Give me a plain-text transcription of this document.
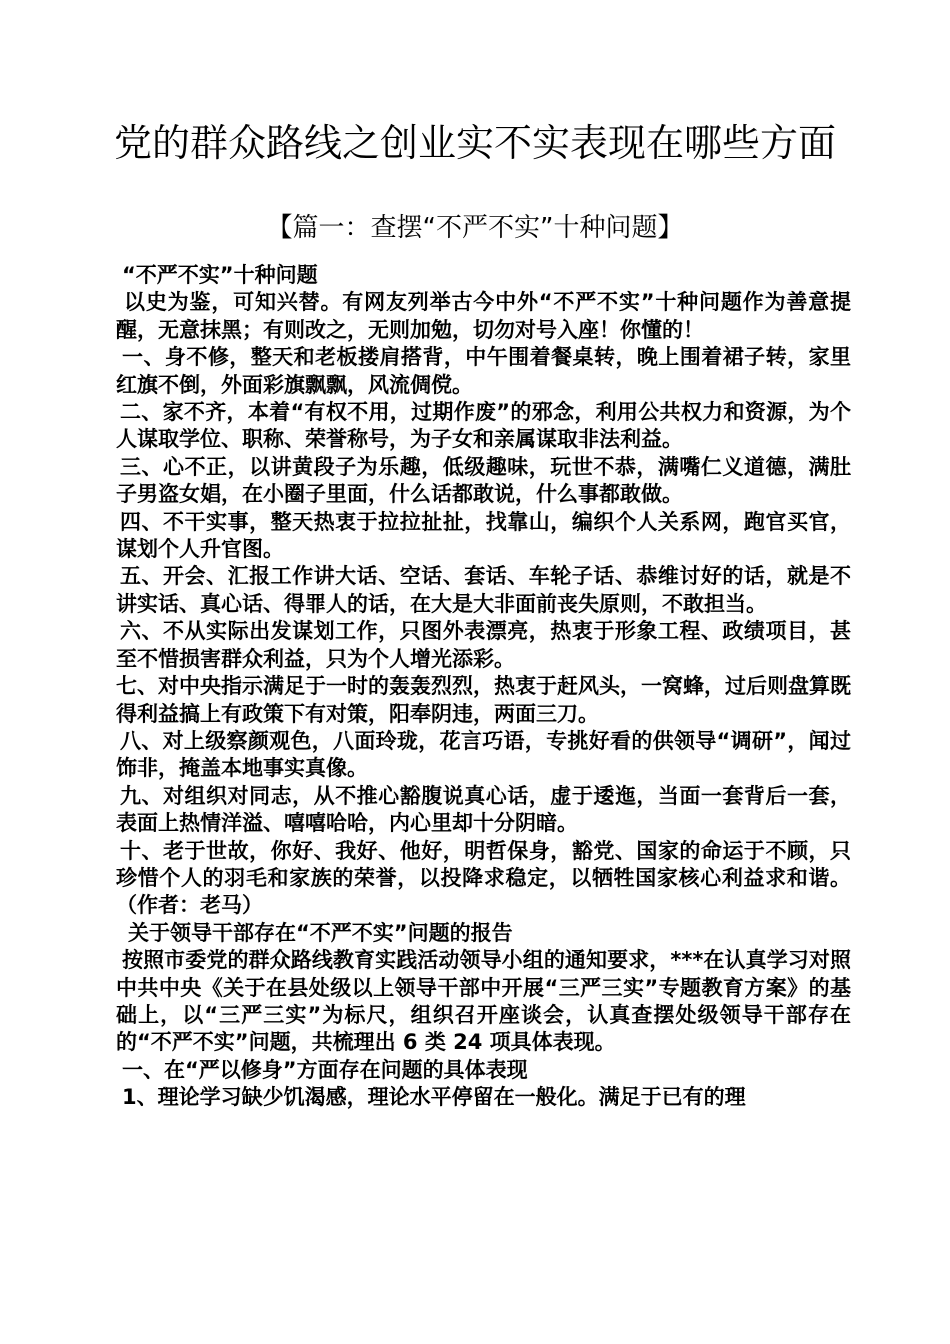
党的群众路线之创业实不实表现在哪些方面
【篇一：查摆“不严不实”十种问题】

“不严不实”十种问题

以史为鉴，可知兴替。有网友列举古今中外“不严不实”十种问题作为善意提醒，无意抹黑；有则改之，无则加勉，切勿对号入座！你懂的！

一、身不修，整天和老板搂肩搭背，中午围着餐桌转，晚上围着裙子转，家里红旗不倒，外面彩旗飘飘，风流倜傥。

二、家不齐，本着“有权不用，过期作废”的邪念，利用公共权力和资源，为个人谋取学位、职称、荣誉称号，为子女和亲属谋取非法利益。

三、心不正，以讲黄段子为乐趣，低级趣味，玩世不恭，满嘴仁义道德，满肚子男盗女娼，在小圈子里面，什么话都敢说，什么事都敢做。

四、不干实事，整天热衷于拉拉扯扯，找靠山，编织个人关系网，跑官买官，谋划个人升官图。

五、开会、汇报工作讲大话、空话、套话、车轮子话、恭维讨好的话，就是不讲实话、真心话、得罪人的话，在大是大非面前丧失原则，不敢担当。

六、不从实际出发谋划工作，只图外表漂亮，热衷于形象工程、政绩项目，甚至不惜损害群众利益，只为个人增光添彩。

七、对中央指示满足于一时的轰轰烈烈，热衷于赶风头，一窝蜂，过后则盘算既得利益搞上有政策下有对策，阳奉阴违，两面三刀。

八、对上级察颜观色，八面玲珑，花言巧语，专挑好看的供领导“调研”，闻过饰非，掩盖本地事实真像。

九、对组织对同志，从不推心豁腹说真心话，虚于逶迤，当面一套背后一套，表面上热情洋溢、嘻嘻哈哈，内心里却十分阴暗。

十、老于世故，你好、我好、他好，明哲保身，豁党、国家的命运于不顾，只珍惜个人的羽毛和家族的荣誉，以投降求稳定，以牺牲国家核心利益求和谐。（作者：老马）

关于领导干部存在“不严不实”问题的报告

按照市委党的群众路线教育实践活动领导小组的通知要求，***在认真学习对照中共中央《关于在县处级以上领导干部中开展“三严三实”专题教育方案》的基础上，以“三严三实”为标尺，组织召开座谈会，认真查摆处级领导干部存在的“不严不实”问题，共梳理出 6 类 24 项具体表现。

一、在“严以修身”方面存在问题的具体表现

1、理论学习缺少饥渴感，理论水平停留在一般化。满足于已有的理
